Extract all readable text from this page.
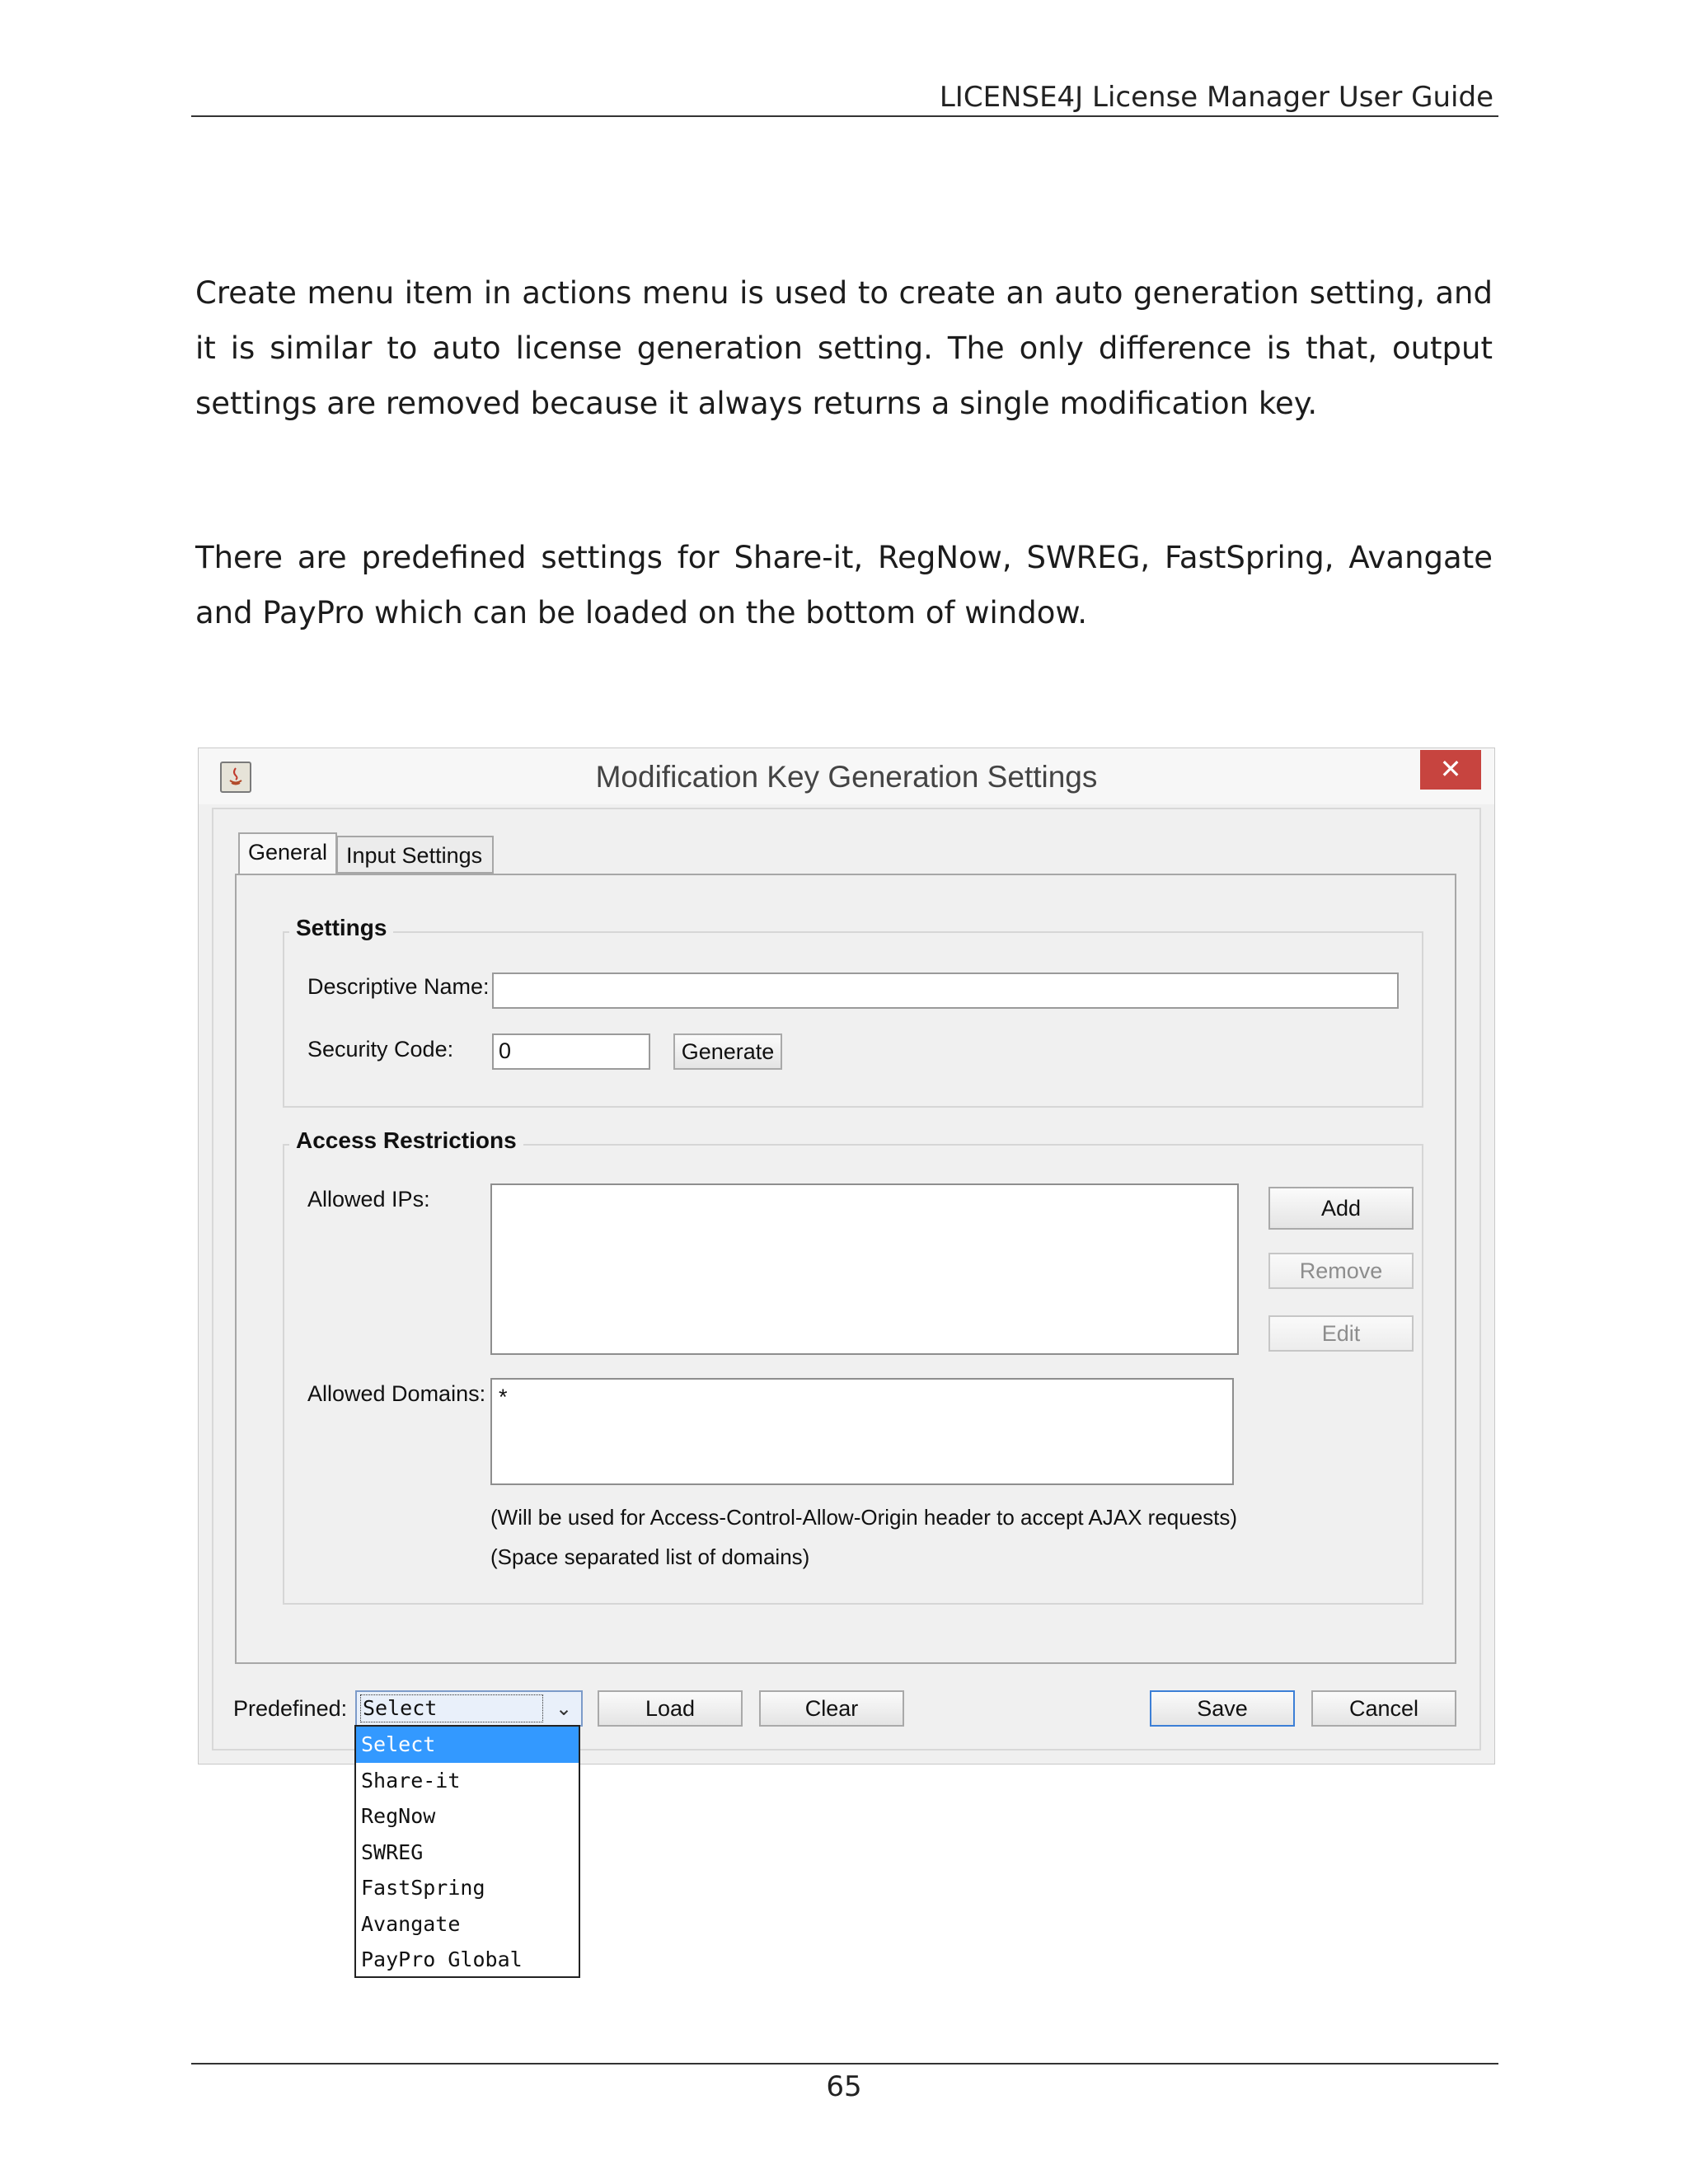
LICENSE4J License Manager User Guide

Create menu item in actions menu is used to create an auto generation setting, and it is similar to auto license generation setting. The only difference is that, output settings are removed because it always returns a single modification key.

There are predefined settings for Share-it, RegNow, SWREG, FastSpring, Avangate and PayPro which can be loaded on the bottom of window.

Modification Key Generation Settings	✕
General Input Settings
Settings
Descriptive Name:
Security Code: 0	Generate
Access Restrictions
Allowed IPs:	Add
Remove
Edit
Allowed Domains: *
(Will be used for Access-Control-Allow-Origin header to accept AJAX requests)
(Space separated list of domains)
Predefined: Select	⌄	Load	Clear	Save	Cancel
Select
Share-it
RegNow
SWREG
FastSpring
Avangate
PayPro Global
65
